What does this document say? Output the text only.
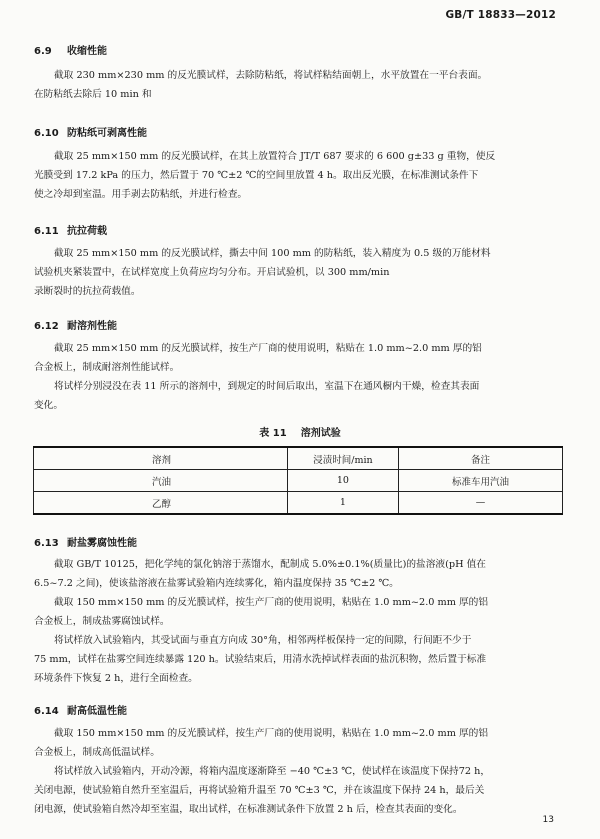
GB/T 18833—2012
6.9 收缩性能
截取 230 mm×230 mm 的反光膜试样，去除防粘纸，将试样粘结面朝上，水平放置在一平台表面。
在防粘纸去除后 10 min 和
6.10 防粘纸可剥离性能
截取 25 mm×150 mm 的反光膜试样，在其上放置符合 JT/T 687 要求的 6 600 g±33 g 重物，使反
光膜受到 17.2 kPa 的压力，然后置于 70 ℃±2 ℃的空间里放置 4 h。取出反光膜，在标准测试条件下
使之冷却到室温。用手剥去防粘纸，并进行检查。
6.11 抗拉荷载
截取 25 mm×150 mm 的反光膜试样，撕去中间 100 mm 的防粘纸，装入精度为 0.5 级的万能材料
试验机夹紧装置中，在试样宽度上负荷应均匀分布。开启试验机，以 300 mm/min
录断裂时的抗拉荷载值。
6.12 耐溶剂性能
截取 25 mm×150 mm 的反光膜试样，按生产厂商的使用说明，粘贴在 1.0 mm~2.0 mm 厚的铝
合金板上，制成耐溶剂性能试样。
将试样分别浸没在表 11 所示的溶剂中，到规定的时间后取出，室温下在通风橱内干燥，检查其表面
变化。
表 11 溶剂试验
溶剂	浸渍时间/min	备注
汽油	10	标准车用汽油
乙醇	1	—
6.13 耐盐雾腐蚀性能
截取 GB/T 10125，把化学纯的氯化钠溶于蒸馏水，配制成 5.0%±0.1%(质量比)的盐溶液(pH 值在
6.5~7.2 之间)，使该盐溶液在盐雾试验箱内连续雾化，箱内温度保持 35 ℃±2 ℃。
截取 150 mm×150 mm 的反光膜试样，按生产厂商的使用说明，粘贴在 1.0 mm~2.0 mm 厚的铝
合金板上，制成盐雾腐蚀试样。
将试样放入试验箱内，其受试面与垂直方向成 30°角，相邻两样板保持一定的间隙，行间距不少于
75 mm，试样在盐雾空间连续暴露 120 h。试验结束后，用清水洗掉试样表面的盐沉积物，然后置于标准
环境条件下恢复 2 h，进行全面检查。
6.14 耐高低温性能
截取 150 mm×150 mm 的反光膜试样，按生产厂商的使用说明，粘贴在 1.0 mm~2.0 mm 厚的铝
合金板上，制成高低温试样。
将试样放入试验箱内，开动冷源，将箱内温度逐渐降至 −40 ℃±3 ℃，使试样在该温度下保持72 h，
关闭电源，使试验箱自然升至室温后，再将试验箱升温至 70 ℃±3 ℃，并在该温度下保持 24 h，最后关
闭电源，使试验箱自然冷却至室温，取出试样，在标准测试条件下放置 2 h 后，检查其表面的变化。
13
